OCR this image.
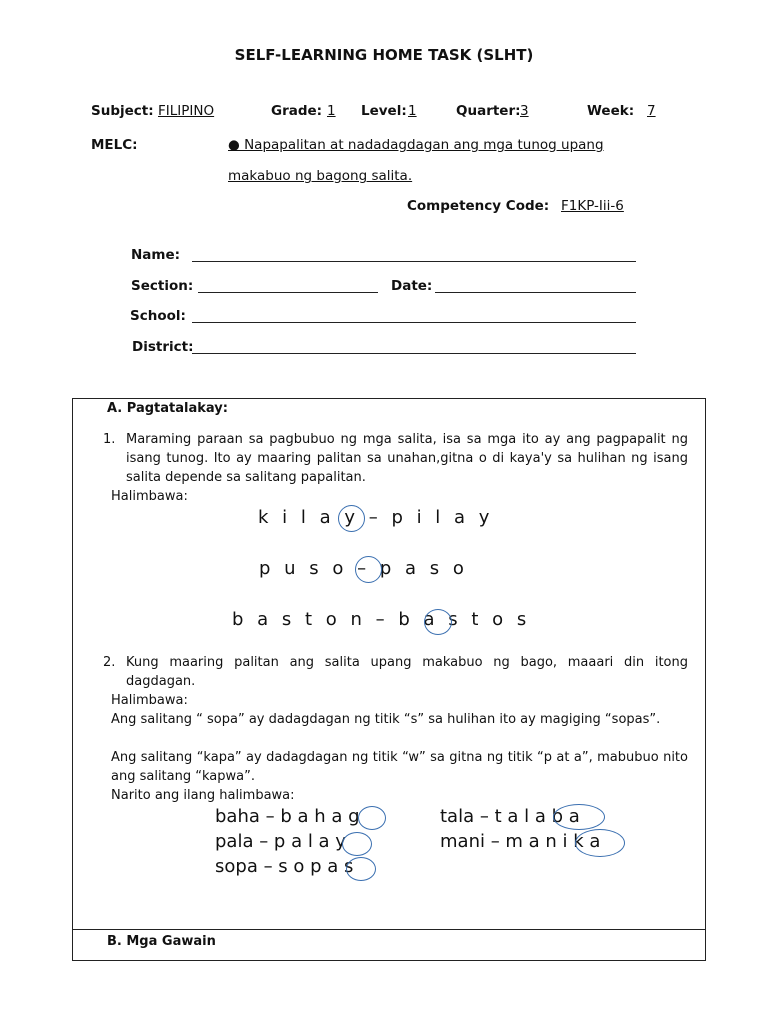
SELF-LEARNING HOME TASK (SLHT)
Subject: FILIPINO	Grade: 1 Level: 1	Quarter: 3	Week: 7
MELC:	● Napapalitan at nadadagdagan ang mga tunog upang
makabuo ng bagong salita.
Competency Code: F1KP-Iii-6
Name:
Section:	Date:
School:
District:
A. Pagtatalakay:
1. Maraming paraan sa pagbubuo ng mga salita, isa sa mga ito ay ang pagpapalit ng isang tunog. Ito ay maaring palitan sa unahan,gitna o di kaya'y sa hulihan ng isang salita depende sa salitang papalitan.
Halimbawa:
k i l a y – p i l a y
p u s o – p a s o
b a s t o n – b a s t o s
2. Kung maaring palitan ang salita upang makabuo ng bago, maaari din itong dagdagan.
Halimbawa:
Ang salitang “ sopa” ay dadagdagan ng titik “s” sa hulihan ito ay magiging “sopas”.
Ang salitang “kapa” ay dadagdagan ng titik “w” sa gitna ng titik “p at a”, mabubuo nito ang salitang “kapwa”.
Narito ang ilang halimbawa:
baha – b a h a g	tala – t a l a b a
pala – p a l a y	mani – m a n i k a
sopa – s o p a s
B. Mga Gawain
